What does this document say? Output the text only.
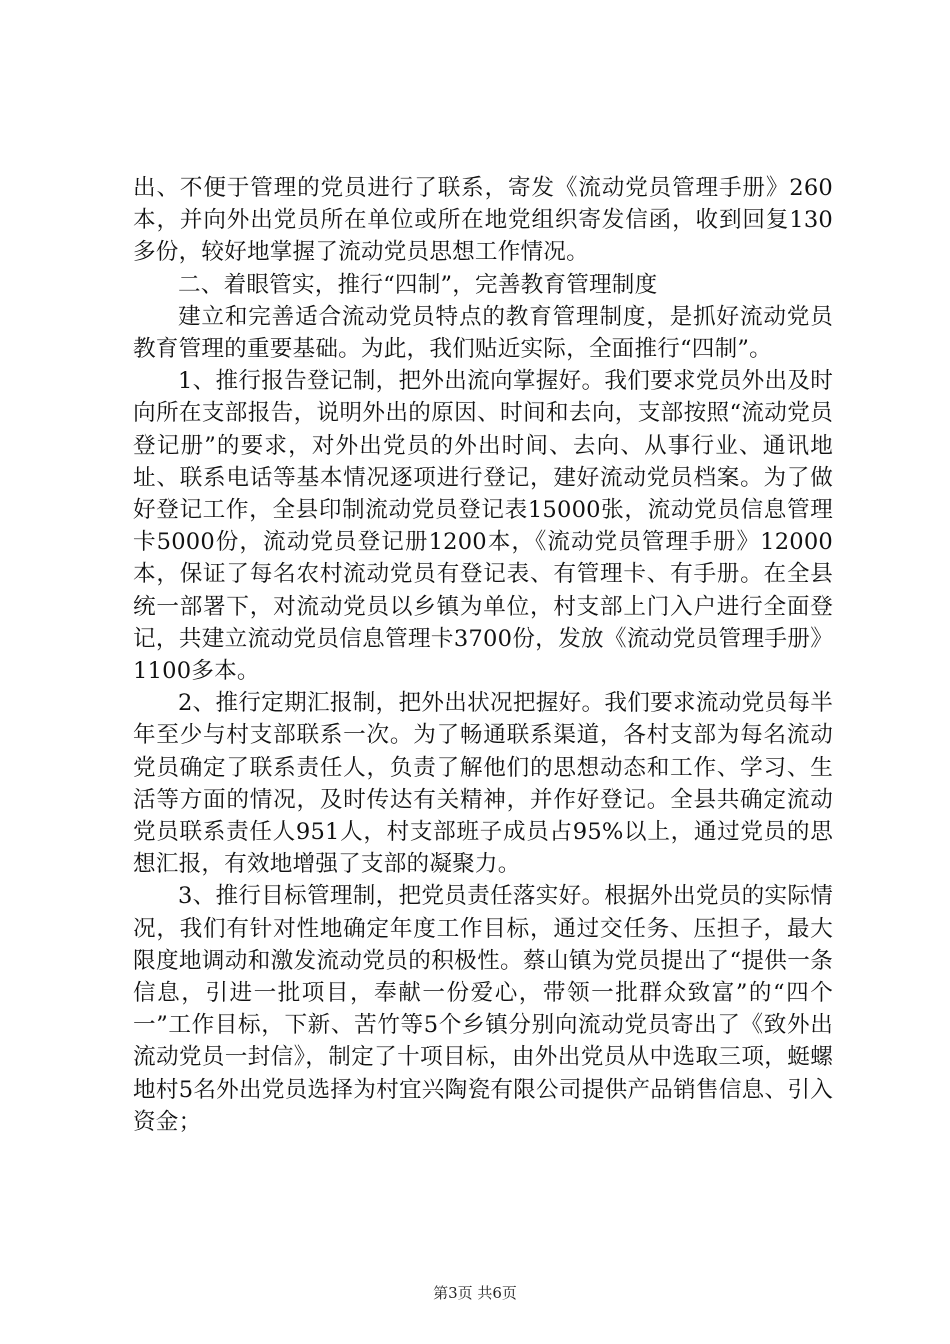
出、不便于管理的党员进行了联系，寄发《流动党员管理手册》260本，并向外出党员所在单位或所在地党组织寄发信函，收到回复130多份，较好地掌握了流动党员思想工作情况。

二、着眼管实，推行“四制”，完善教育管理制度

建立和完善适合流动党员特点的教育管理制度，是抓好流动党员教育管理的重要基础。为此，我们贴近实际，全面推行“四制”。

1、推行报告登记制，把外出流向掌握好。我们要求党员外出及时向所在支部报告，说明外出的原因、时间和去向，支部按照“流动党员登记册”的要求，对外出党员的外出时间、去向、从事行业、通讯地址、联系电话等基本情况逐项进行登记，建好流动党员档案。为了做好登记工作，全县印制流动党员登记表15000张，流动党员信息管理卡5000份，流动党员登记册1200本，《流动党员管理手册》12000本，保证了每名农村流动党员有登记表、有管理卡、有手册。在全县统一部署下，对流动党员以乡镇为单位，村支部上门入户进行全面登记，共建立流动党员信息管理卡3700份，发放《流动党员管理手册》1100多本。

2、推行定期汇报制，把外出状况把握好。我们要求流动党员每半年至少与村支部联系一次。为了畅通联系渠道，各村支部为每名流动党员确定了联系责任人，负责了解他们的思想动态和工作、学习、生活等方面的情况，及时传达有关精神，并作好登记。全县共确定流动党员联系责任人951人，村支部班子成员占95%以上，通过党员的思想汇报，有效地增强了支部的凝聚力。

3、推行目标管理制，把党员责任落实好。根据外出党员的实际情况，我们有针对性地确定年度工作目标，通过交任务、压担子，最大限度地调动和激发流动党员的积极性。蔡山镇为党员提出了“提供一条信息，引进一批项目，奉献一份爱心，带领一批群众致富”的“四个一”工作目标，下新、苦竹等5个乡镇分别向流动党员寄出了《致外出流动党员一封信》，制定了十项目标，由外出党员从中选取三项，蜓螺地村5名外出党员选择为村宜兴陶瓷有限公司提供产品销售信息、引入资金；

第3页 共6页
